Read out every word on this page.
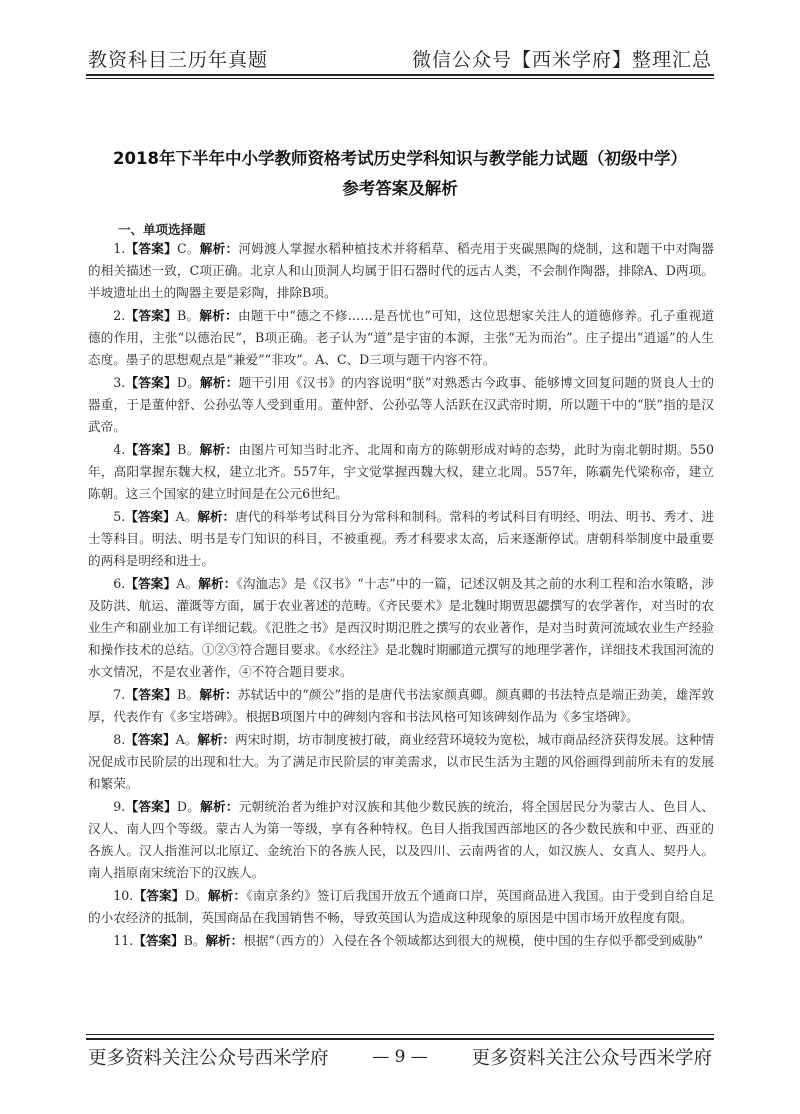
教资科目三历年真题	微信公众号【西米学府】整理汇总
2018年下半年中小学教师资格考试历史学科知识与教学能力试题（初级中学）
参考答案及解析
一、单项选择题

1.【答案】C。解析：河姆渡人掌握水稻种植技术并将稻草、稻壳用于夹碳黑陶的烧制，这和题干中对陶器的相关描述一致，C项正确。北京人和山顶洞人均属于旧石器时代的远古人类，不会制作陶器，排除A、D两项。半坡遗址出土的陶器主要是彩陶，排除B项。

2.【答案】B。解析：由题干中“德之不修……是吾忧也”可知，这位思想家关注人的道德修养。孔子重视道德的作用，主张“以德治民”，B项正确。老子认为“道”是宇宙的本源，主张“无为而治”。庄子提出“逍遥”的人生态度。墨子的思想观点是“兼爱”“非攻”。A、C、D三项与题干内容不符。

3.【答案】D。解析：题干引用《汉书》的内容说明“朕”对熟悉古今政事、能够博文回复问题的贤良人士的器重，于是董仲舒、公孙弘等人受到重用。董仲舒、公孙弘等人活跃在汉武帝时期，所以题干中的“朕”指的是汉武帝。

4.【答案】B。解析：由图片可知当时北齐、北周和南方的陈朝形成对峙的态势，此时为南北朝时期。550年，高阳掌握东魏大权，建立北齐。557年，宇文觉掌握西魏大权，建立北周。557年，陈霸先代梁称帝，建立陈朝。这三个国家的建立时间是在公元6世纪。

5.【答案】A。解析：唐代的科举考试科目分为常科和制科。常科的考试科目有明经、明法、明书、秀才、进士等科目。明法、明书是专门知识的科目，不被重视。秀才科要求太高，后来逐渐停试。唐朝科举制度中最重要的两科是明经和进士。

6.【答案】A。解析：《沟洫志》是《汉书》“十志”中的一篇，记述汉朝及其之前的水利工程和治水策略，涉及防洪、航运、灌溉等方面，属于农业著述的范畴。《齐民要术》是北魏时期贾思勰撰写的农学著作，对当时的农业生产和副业加工有详细记载。《氾胜之书》是西汉时期氾胜之撰写的农业著作，是对当时黄河流域农业生产经验和操作技术的总结。①②③符合题目要求。《水经注》是北魏时期郦道元撰写的地理学著作，详细技术我国河流的水文情况，不是农业著作，④不符合题目要求。

7.【答案】B。解析：苏轼话中的“颜公”指的是唐代书法家颜真卿。颜真卿的书法特点是端正劲美，雄浑敦厚，代表作有《多宝塔碑》。根据B项图片中的碑刻内容和书法风格可知该碑刻作品为《多宝塔碑》。

8.【答案】A。解析：两宋时期，坊市制度被打破，商业经营环境较为宽松，城市商品经济获得发展。这种情况促成市民阶层的出现和壮大。为了满足市民阶层的审美需求，以市民生活为主题的风俗画得到前所未有的发展和繁荣。

9.【答案】D。解析：元朝统治者为维护对汉族和其他少数民族的统治，将全国居民分为蒙古人、色目人、汉人、南人四个等级。蒙古人为第一等级，享有各种特权。色目人指我国西部地区的各少数民族和中亚、西亚的各族人。汉人指淮河以北原辽、金统治下的各族人民，以及四川、云南两省的人，如汉族人、女真人、契丹人。南人指原南宋统治下的汉族人。

10.【答案】D。解析：《南京条约》签订后我国开放五个通商口岸，英国商品进入我国。由于受到自给自足的小农经济的抵制，英国商品在我国销售不畅，导致英国认为造成这种现象的原因是中国市场开放程度有限。

11.【答案】B。解析：根据“（西方的）入侵在各个领域都达到很大的规模，使中国的生存似乎都受到威胁”

更多资料关注公众号西米学府	— 9 — 更多资料关注公众号西米学府
